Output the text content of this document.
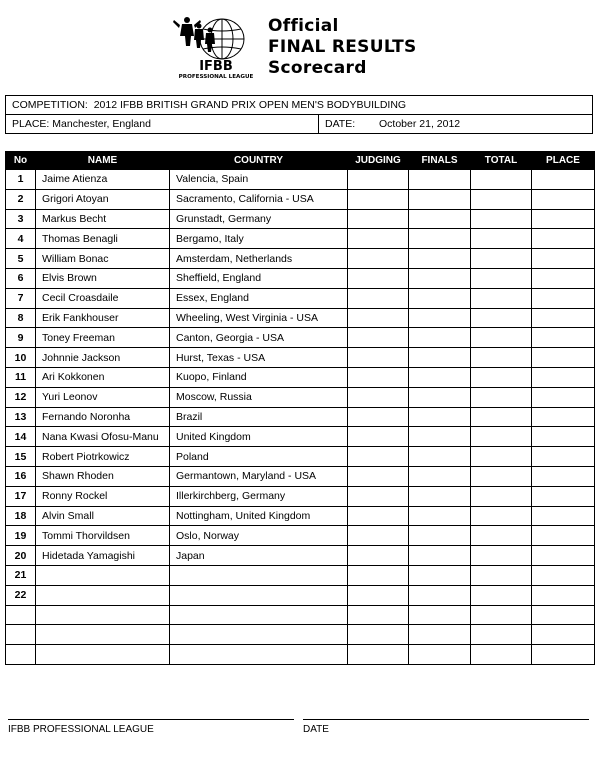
IFBB
PROFESSIONAL LEAGUE
Official
FINAL RESULTS
Scorecard
COMPETITION: 2012 IFBB BRITISH GRAND PRIX OPEN MEN'S BODYBUILDING
PLACE: Manchester, England	DATE: October 21, 2012
No	NAME	COUNTRY	JUDGING	FINALS	TOTAL	PLACE
1	Jaime Atienza	Valencia, Spain				
2	Grigori Atoyan	Sacramento, California - USA				
3	Markus Becht	Grunstadt, Germany				
4	Thomas Benagli	Bergamo, Italy				
5	William Bonac	Amsterdam, Netherlands				
6	Elvis Brown	Sheffield, England				
7	Cecil Croasdaile	Essex, England				
8	Erik Fankhouser	Wheeling, West Virginia - USA				
9	Toney Freeman	Canton, Georgia - USA				
10	Johnnie Jackson	Hurst, Texas - USA				
11	Ari Kokkonen	Kuopo, Finland				
12	Yuri Leonov	Moscow, Russia				
13	Fernando Noronha	Brazil				
14	Nana Kwasi Ofosu-Manu	United Kingdom				
15	Robert Piotrkowicz	Poland				
16	Shawn Rhoden	Germantown, Maryland - USA				
17	Ronny Rockel	Illerkirchberg, Germany				
18	Alvin Small	Nottingham, United Kingdom				
19	Tommi Thorvildsen	Oslo, Norway				
20	Hidetada Yamagishi	Japan				
21						
22						

IFBB PROFESSIONAL LEAGUE	DATE
